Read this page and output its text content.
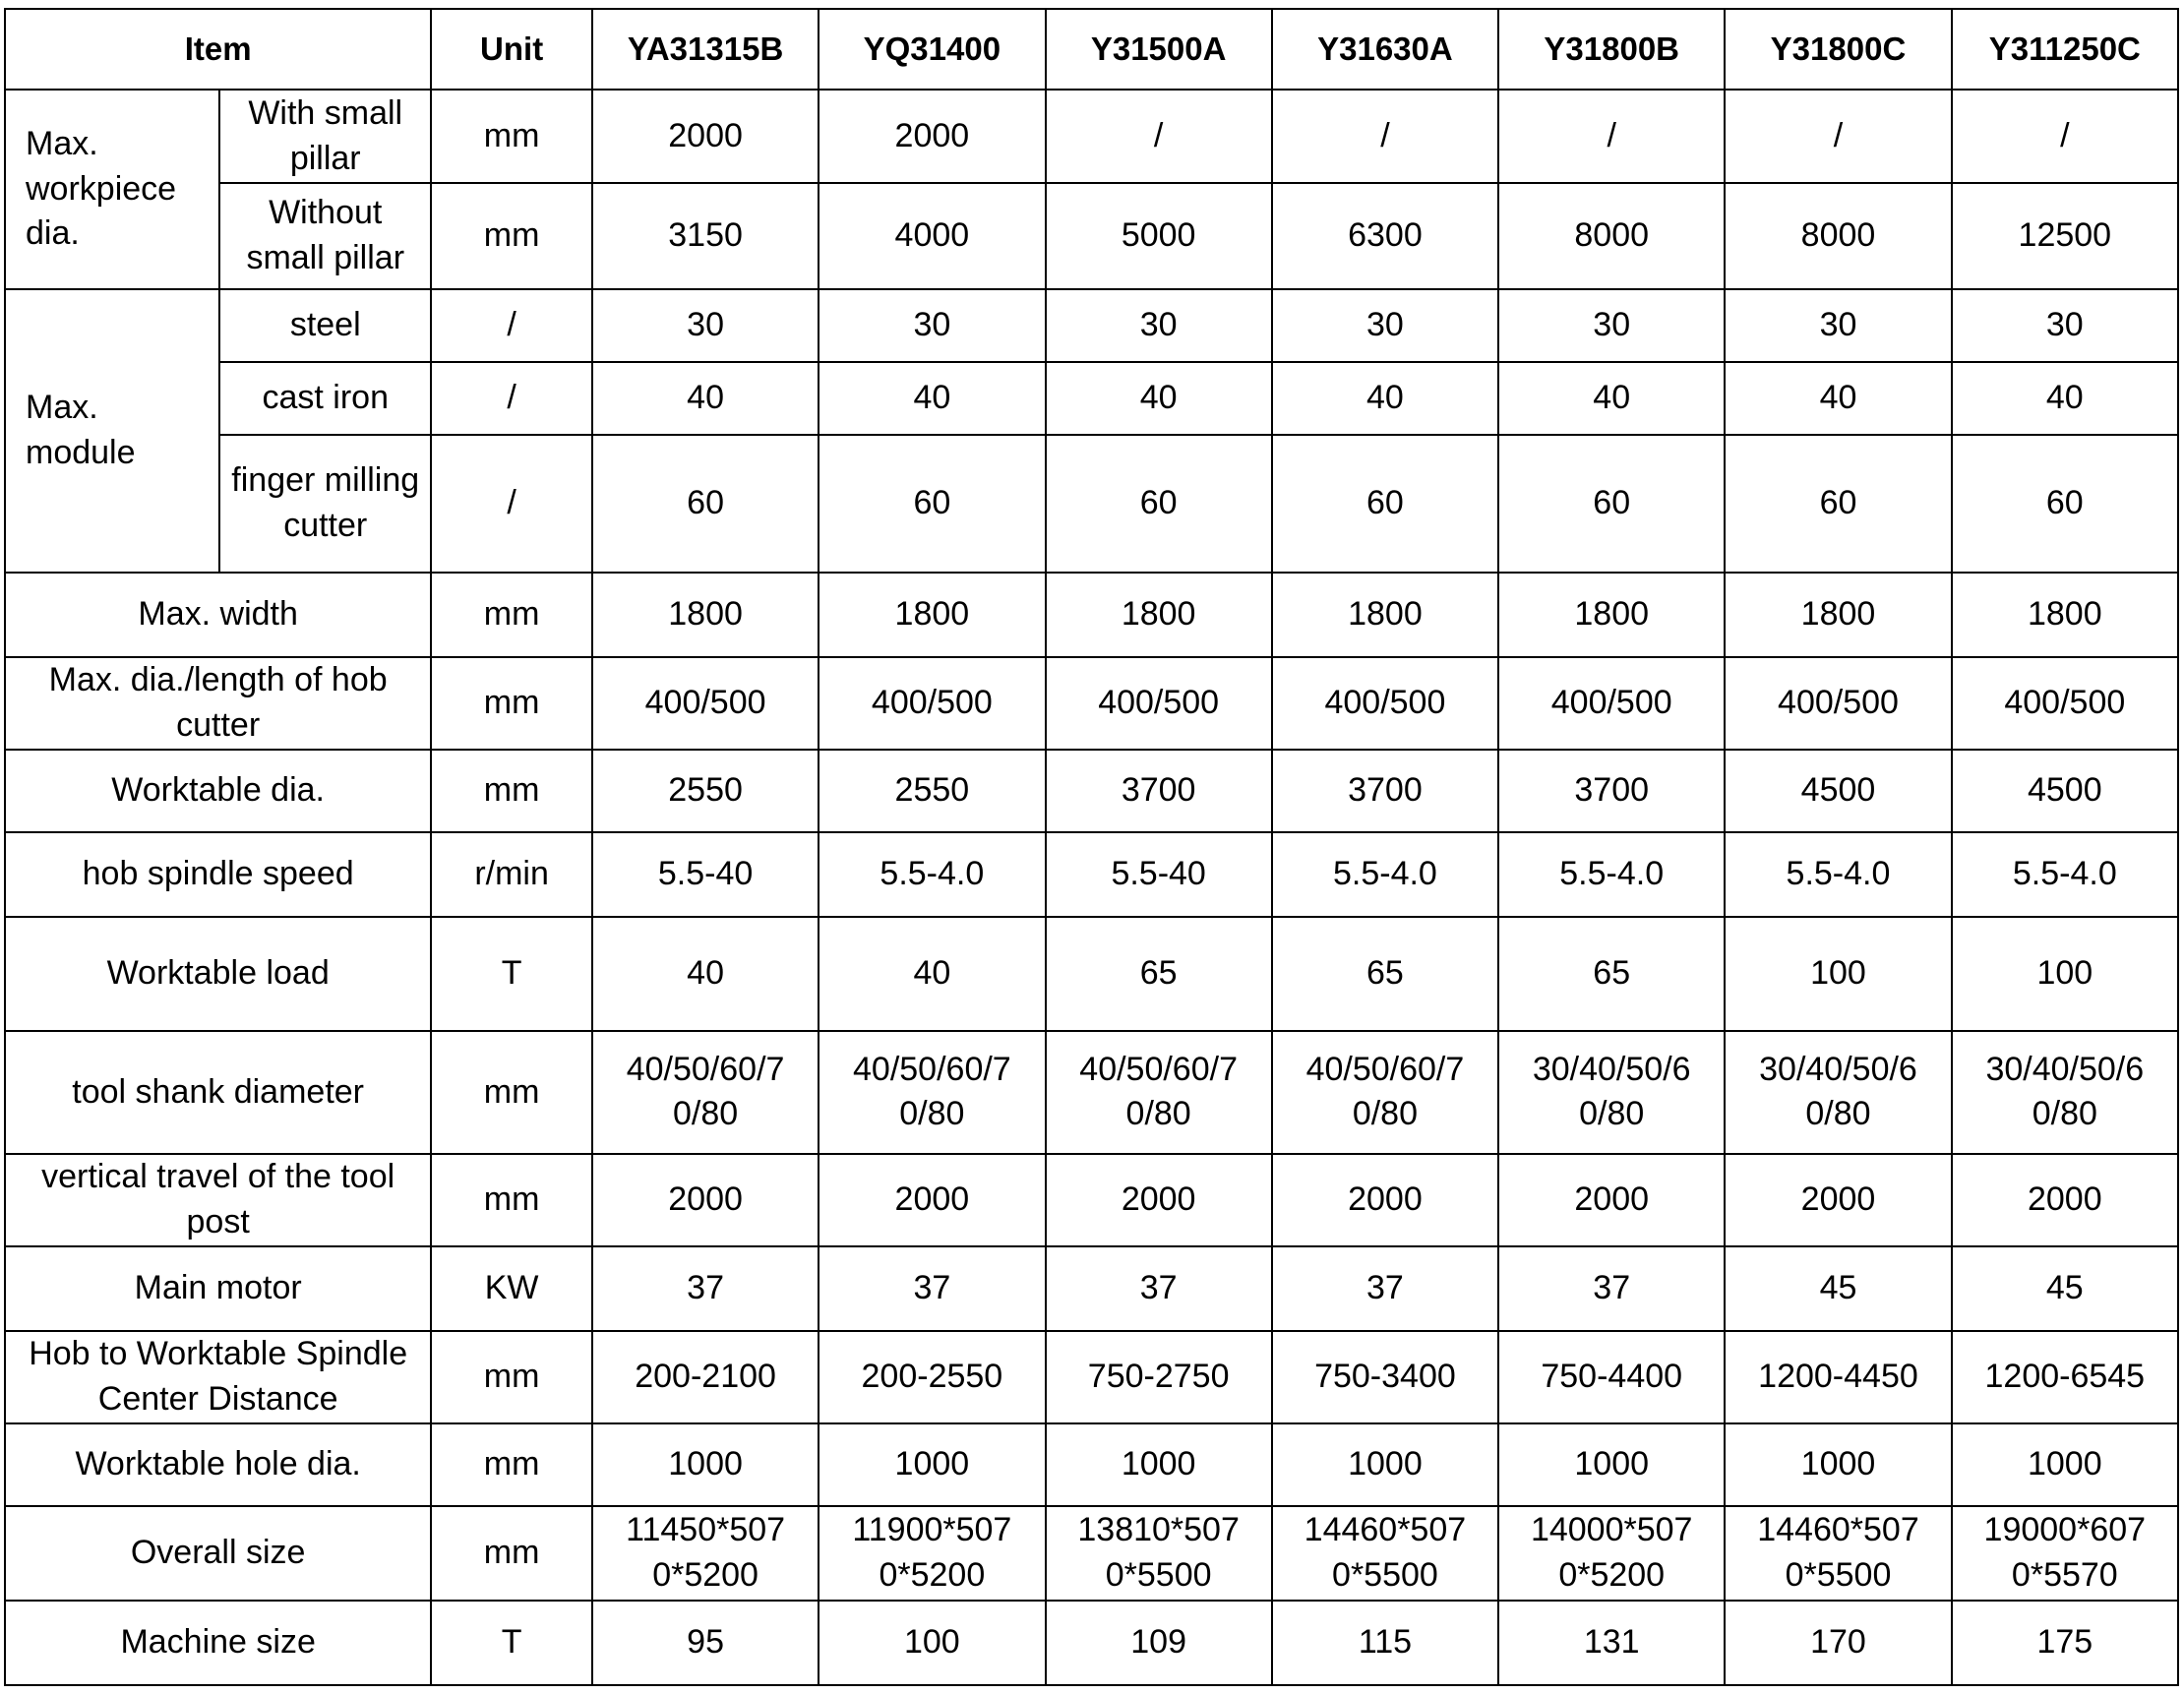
Item		Unit	YA31315B	YQ31400	Y31500A	Y31630A	Y31800B	Y31800C	Y311250C
Max. workpiece dia.	With small pillar	mm	2000	2000	/	/	/	/	/
	Without small pillar	mm	3150	4000	5000	6300	8000	8000	12500
Max. module	steel	/	30	30	30	30	30	30	30
	cast iron	/	40	40	40	40	40	40	40
	finger milling cutter	/	60	60	60	60	60	60	60
Max. width		mm	1800	1800	1800	1800	1800	1800	1800
Max. dia./length of hob cutter		mm	400/500	400/500	400/500	400/500	400/500	400/500	400/500
Worktable dia.		mm	2550	2550	3700	3700	3700	4500	4500
hob spindle speed		r/min	5.5-40	5.5-4.0	5.5-40	5.5-4.0	5.5-4.0	5.5-4.0	5.5-4.0
Worktable load		T	40	40	65	65	65	100	100
tool shank diameter		mm	40/50/60/70/80	40/50/60/70/80	40/50/60/70/80	40/50/60/70/80	30/40/50/60/80	30/40/50/60/80	30/40/50/60/80
vertical travel of the tool post		mm	2000	2000	2000	2000	2000	2000	2000
Main motor		KW	37	37	37	37	37	45	45
Hob to Worktable Spindle Center Distance		mm	200-2100	200-2550	750-2750	750-3400	750-4400	1200-4450	1200-6545
Worktable hole dia.		mm	1000	1000	1000	1000	1000	1000	1000
Overall size		mm	11450*5070*5200	11900*5070*5200	13810*5070*5500	14460*5070*5500	14000*5070*5200	14460*5070*5500	19000*6070*5570
Machine size		T	95	100	109	115	131	170	175
